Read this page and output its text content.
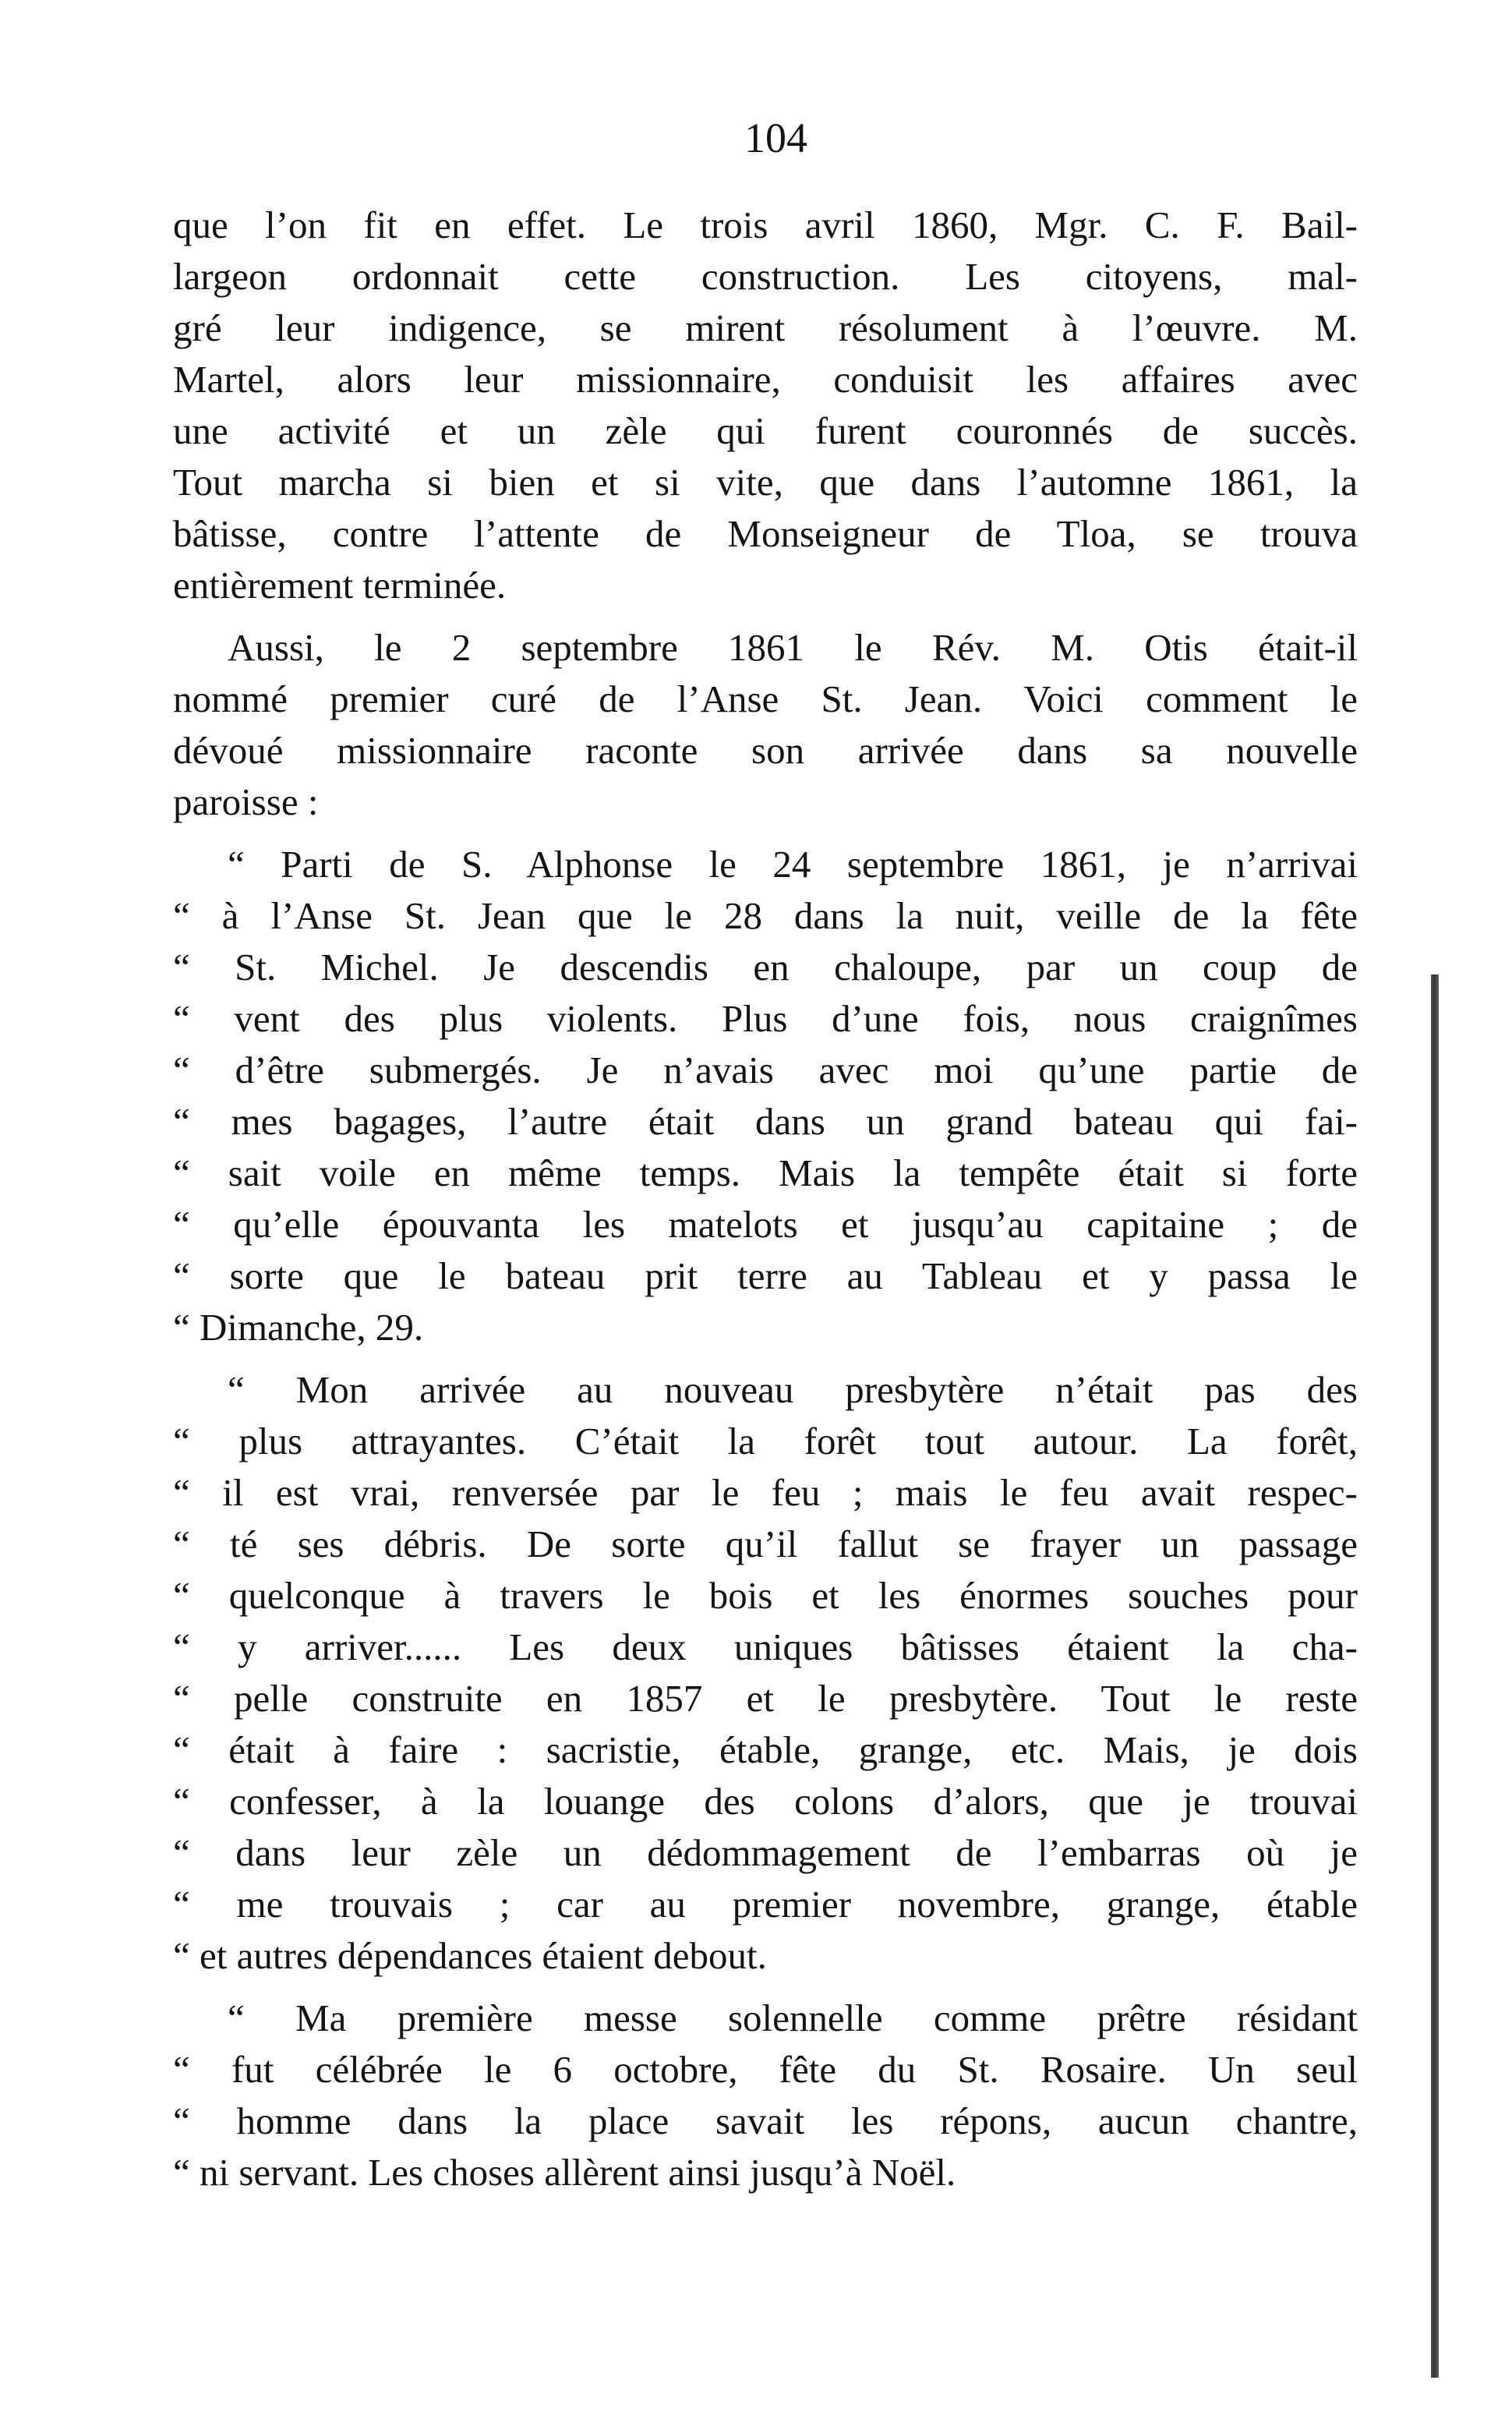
104
que l’on fit en effet. Le trois avril 1860, Mgr. C. F. Bail-
largeon ordonnait cette construction. Les citoyens, mal-
gré leur indigence, se mirent résolument à l’œuvre. M.
Martel, alors leur missionnaire, conduisit les affaires avec
une activité et un zèle qui furent couronnés de succès.
Tout marcha si bien et si vite, que dans l’automne 1861, la
bâtisse, contre l’attente de Monseigneur de Tloa, se trouva
entièrement terminée.
Aussi, le 2 septembre 1861 le Rév. M. Otis était-il
nommé premier curé de l’Anse St. Jean. Voici comment le
dévoué missionnaire raconte son arrivée dans sa nouvelle
paroisse :
“ Parti de S. Alphonse le 24 septembre 1861, je n’arrivai
“ à l’Anse St. Jean que le 28 dans la nuit, veille de la fête
“ St. Michel. Je descendis en chaloupe, par un coup de
“ vent des plus violents. Plus d’une fois, nous craignîmes
“ d’être submergés. Je n’avais avec moi qu’une partie de
“ mes bagages, l’autre était dans un grand bateau qui fai-
“ sait voile en même temps. Mais la tempête était si forte
“ qu’elle épouvanta les matelots et jusqu’au capitaine ; de
“ sorte que le bateau prit terre au Tableau et y passa le
“ Dimanche, 29.
“ Mon arrivée au nouveau presbytère n’était pas des
“ plus attrayantes. C’était la forêt tout autour. La forêt,
“ il est vrai, renversée par le feu ; mais le feu avait respec-
“ té ses débris. De sorte qu’il fallut se frayer un passage
“ quelconque à travers le bois et les énormes souches pour
“ y arriver...... Les deux uniques bâtisses étaient la cha-
“ pelle construite en 1857 et le presbytère. Tout le reste
“ était à faire : sacristie, étable, grange, etc. Mais, je dois
“ confesser, à la louange des colons d’alors, que je trouvai
“ dans leur zèle un dédommagement de l’embarras où je
“ me trouvais ; car au premier novembre, grange, étable
“ et autres dépendances étaient debout.
“ Ma première messe solennelle comme prêtre résidant
“ fut célébrée le 6 octobre, fête du St. Rosaire. Un seul
“ homme dans la place savait les répons, aucun chantre,
“ ni servant. Les choses allèrent ainsi jusqu’à Noël.
